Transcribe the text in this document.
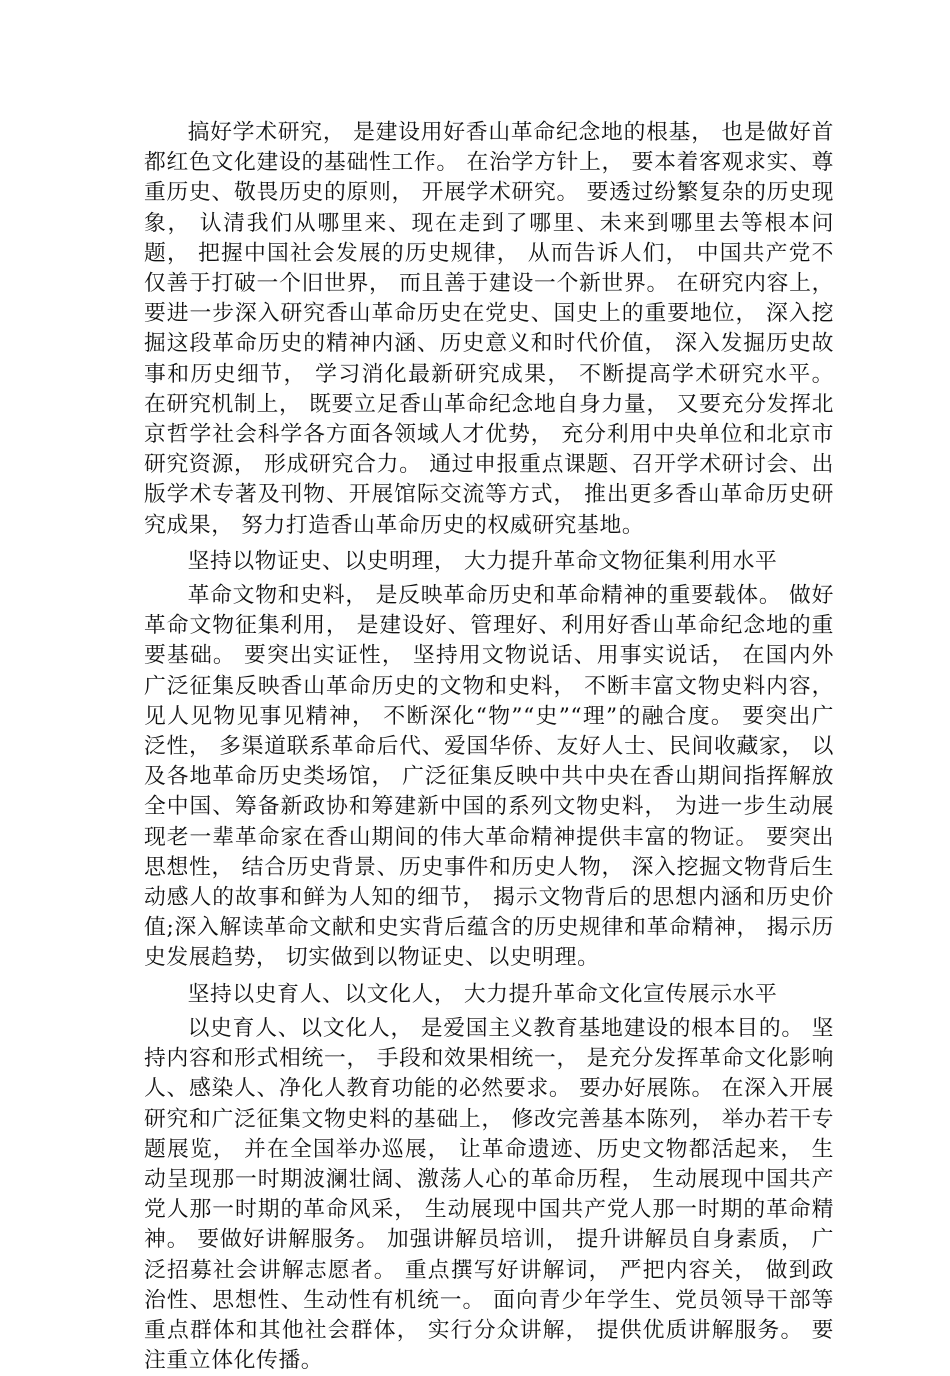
搞好学术研究， 是建设用好香山革命纪念地的根基， 也是做好首都红色文化建设的基础性工作。 在治学方针上， 要本着客观求实、尊重历史、敬畏历史的原则， 开展学术研究。 要透过纷繁复杂的历史现象， 认清我们从哪里来、现在走到了哪里、未来到哪里去等根本问题， 把握中国社会发展的历史规律， 从而告诉人们， 中国共产党不仅善于打破一个旧世界， 而且善于建设一个新世界。 在研究内容上， 要进一步深入研究香山革命历史在党史、国史上的重要地位， 深入挖掘这段革命历史的精神内涵、历史意义和时代价值， 深入发掘历史故事和历史细节， 学习消化最新研究成果， 不断提高学术研究水平。 在研究机制上， 既要立足香山革命纪念地自身力量， 又要充分发挥北京哲学社会科学各方面各领域人才优势， 充分利用中央单位和北京市研究资源， 形成研究合力。 通过申报重点课题、召开学术研讨会、出版学术专著及刊物、开展馆际交流等方式， 推出更多香山革命历史研究成果， 努力打造香山革命历史的权威研究基地。

坚持以物证史、以史明理， 大力提升革命文物征集利用水平

革命文物和史料， 是反映革命历史和革命精神的重要载体。 做好革命文物征集利用， 是建设好、管理好、利用好香山革命纪念地的重要基础。 要突出实证性， 坚持用文物说话、用事实说话， 在国内外广泛征集反映香山革命历史的文物和史料， 不断丰富文物史料内容， 见人见物见事见精神， 不断深化“物”“史”“理”的融合度。 要突出广泛性， 多渠道联系革命后代、爱国华侨、友好人士、民间收藏家， 以及各地革命历史类场馆， 广泛征集反映中共中央在香山期间指挥解放全中国、筹备新政协和筹建新中国的系列文物史料， 为进一步生动展现老一辈革命家在香山期间的伟大革命精神提供丰富的物证。 要突出思想性， 结合历史背景、历史事件和历史人物， 深入挖掘文物背后生动感人的故事和鲜为人知的细节， 揭示文物背后的思想内涵和历史价值;深入解读革命文献和史实背后蕴含的历史规律和革命精神， 揭示历史发展趋势， 切实做到以物证史、以史明理。

坚持以史育人、以文化人， 大力提升革命文化宣传展示水平

以史育人、以文化人， 是爱国主义教育基地建设的根本目的。 坚持内容和形式相统一， 手段和效果相统一， 是充分发挥革命文化影响人、感染人、净化人教育功能的必然要求。 要办好展陈。 在深入开展研究和广泛征集文物史料的基础上， 修改完善基本陈列， 举办若干专题展览， 并在全国举办巡展， 让革命遗迹、历史文物都活起来， 生动呈现那一时期波澜壮阔、激荡人心的革命历程， 生动展现中国共产党人那一时期的革命风采， 生动展现中国共产党人那一时期的革命精神。 要做好讲解服务。 加强讲解员培训， 提升讲解员自身素质， 广泛招募社会讲解志愿者。 重点撰写好讲解词， 严把内容关， 做到政治性、思想性、生动性有机统一。 面向青少年学生、党员领导干部等重点群体和其他社会群体， 实行分众讲解， 提供优质讲解服务。 要注重立体化传播。
